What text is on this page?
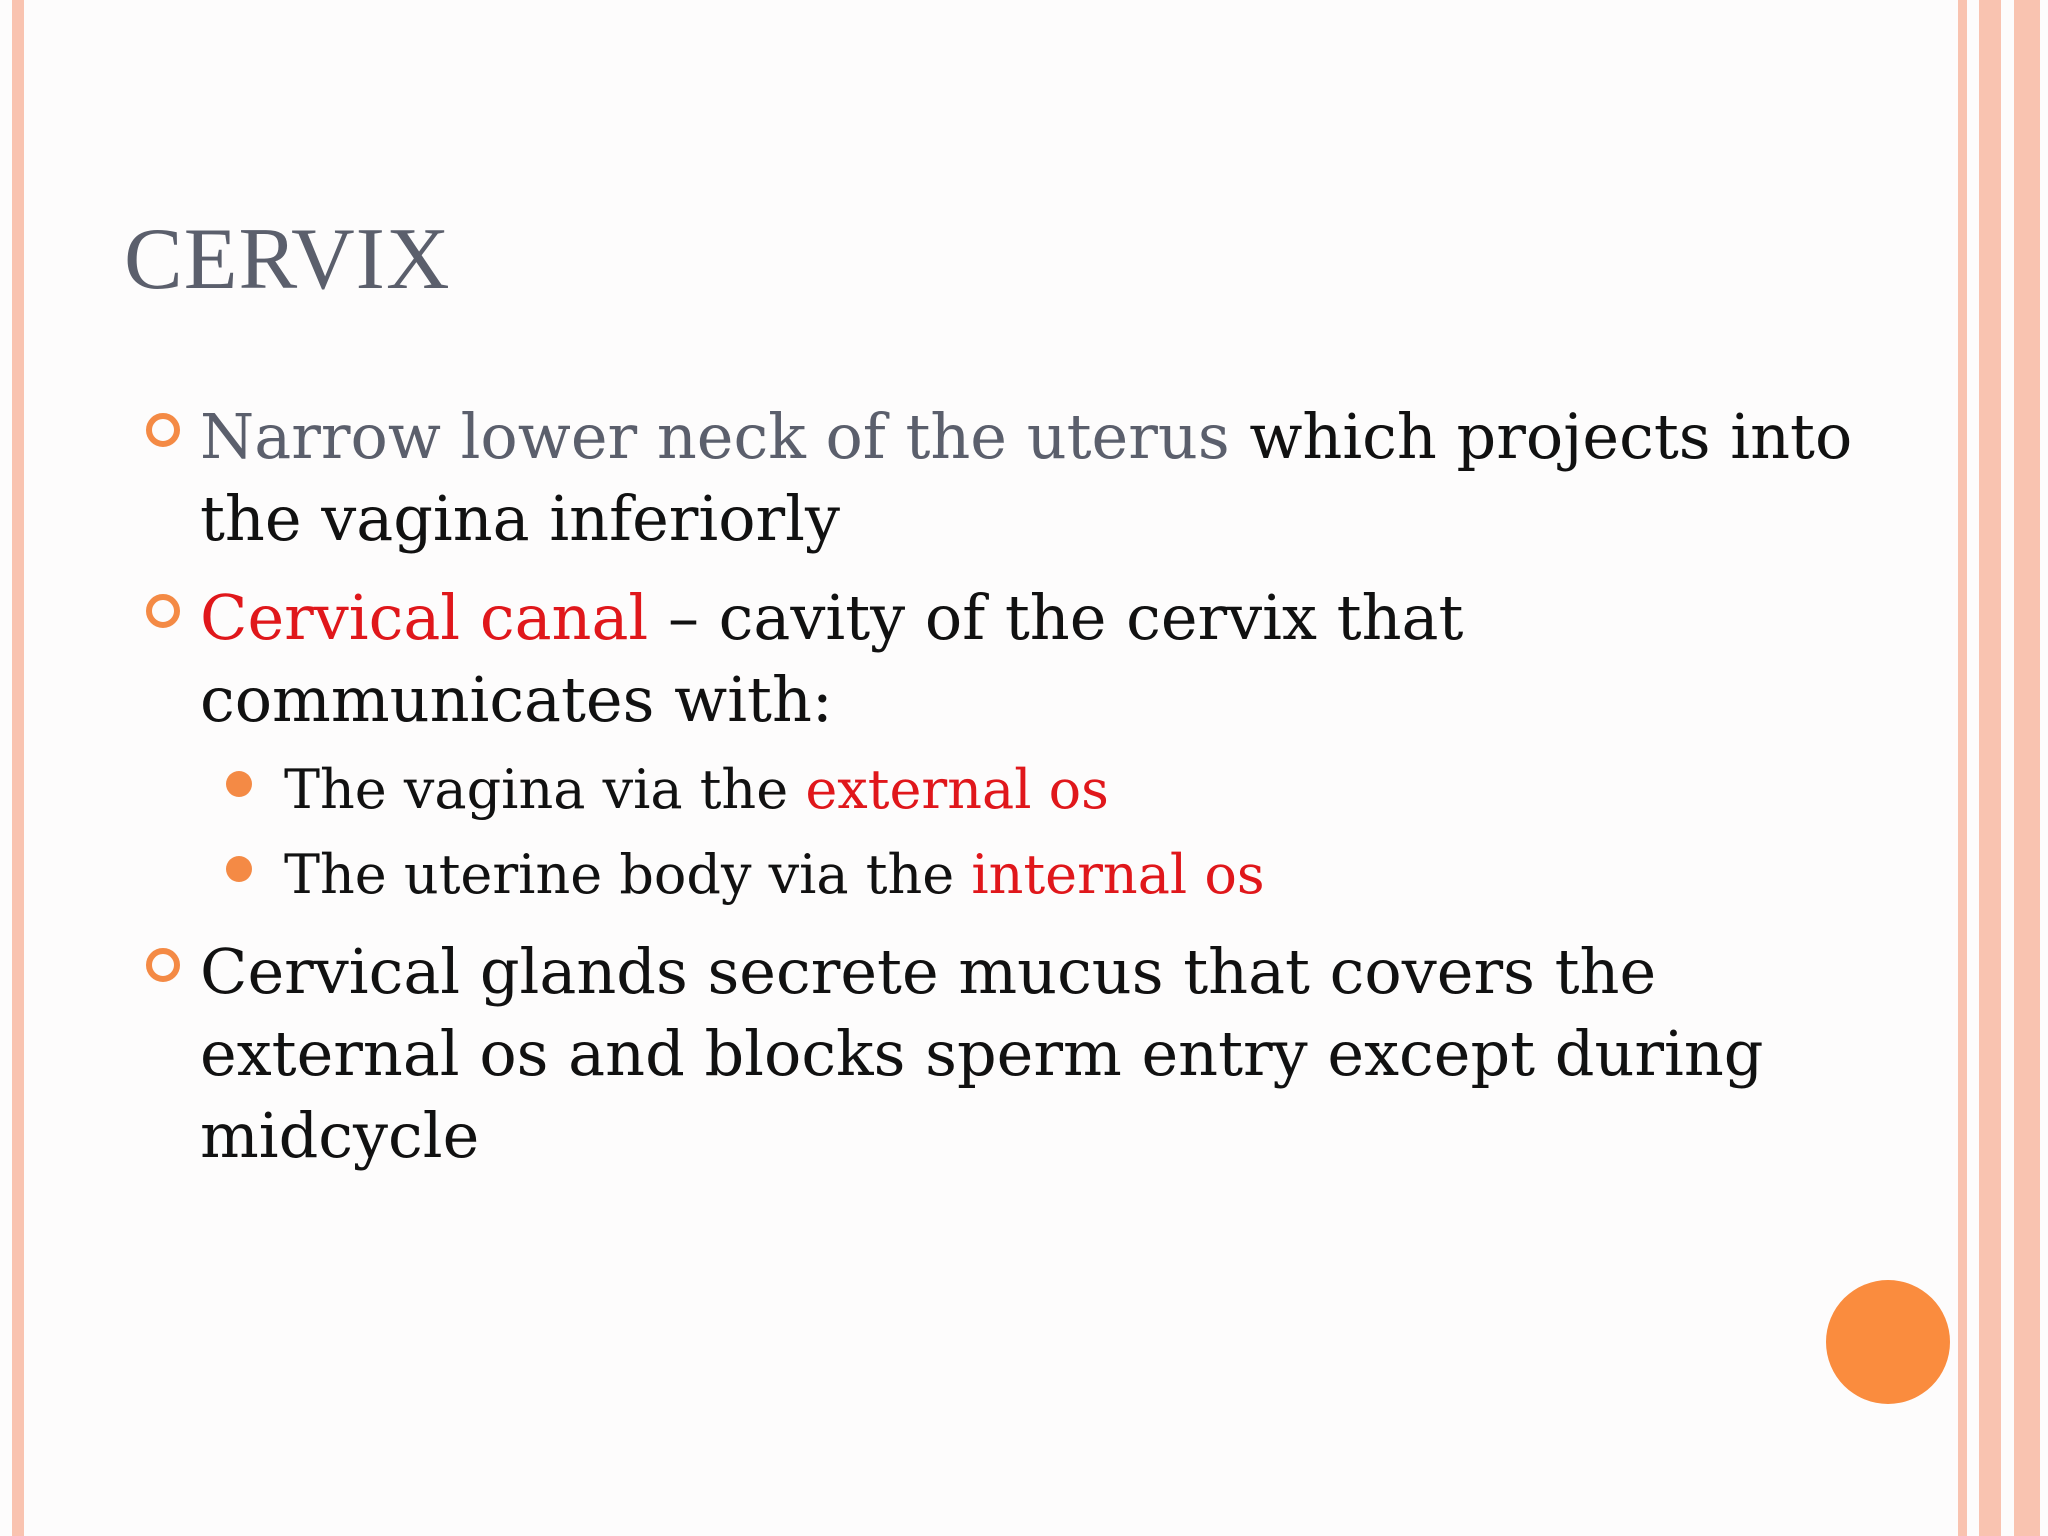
CERVIX

Narrow lower neck of the uterus which projects into the vagina inferiorly

Cervical canal – cavity of the cervix that communicates with:

The vagina via the external os

The uterine body via the internal os

Cervical glands secrete mucus that covers the external os and blocks sperm entry except during midcycle
